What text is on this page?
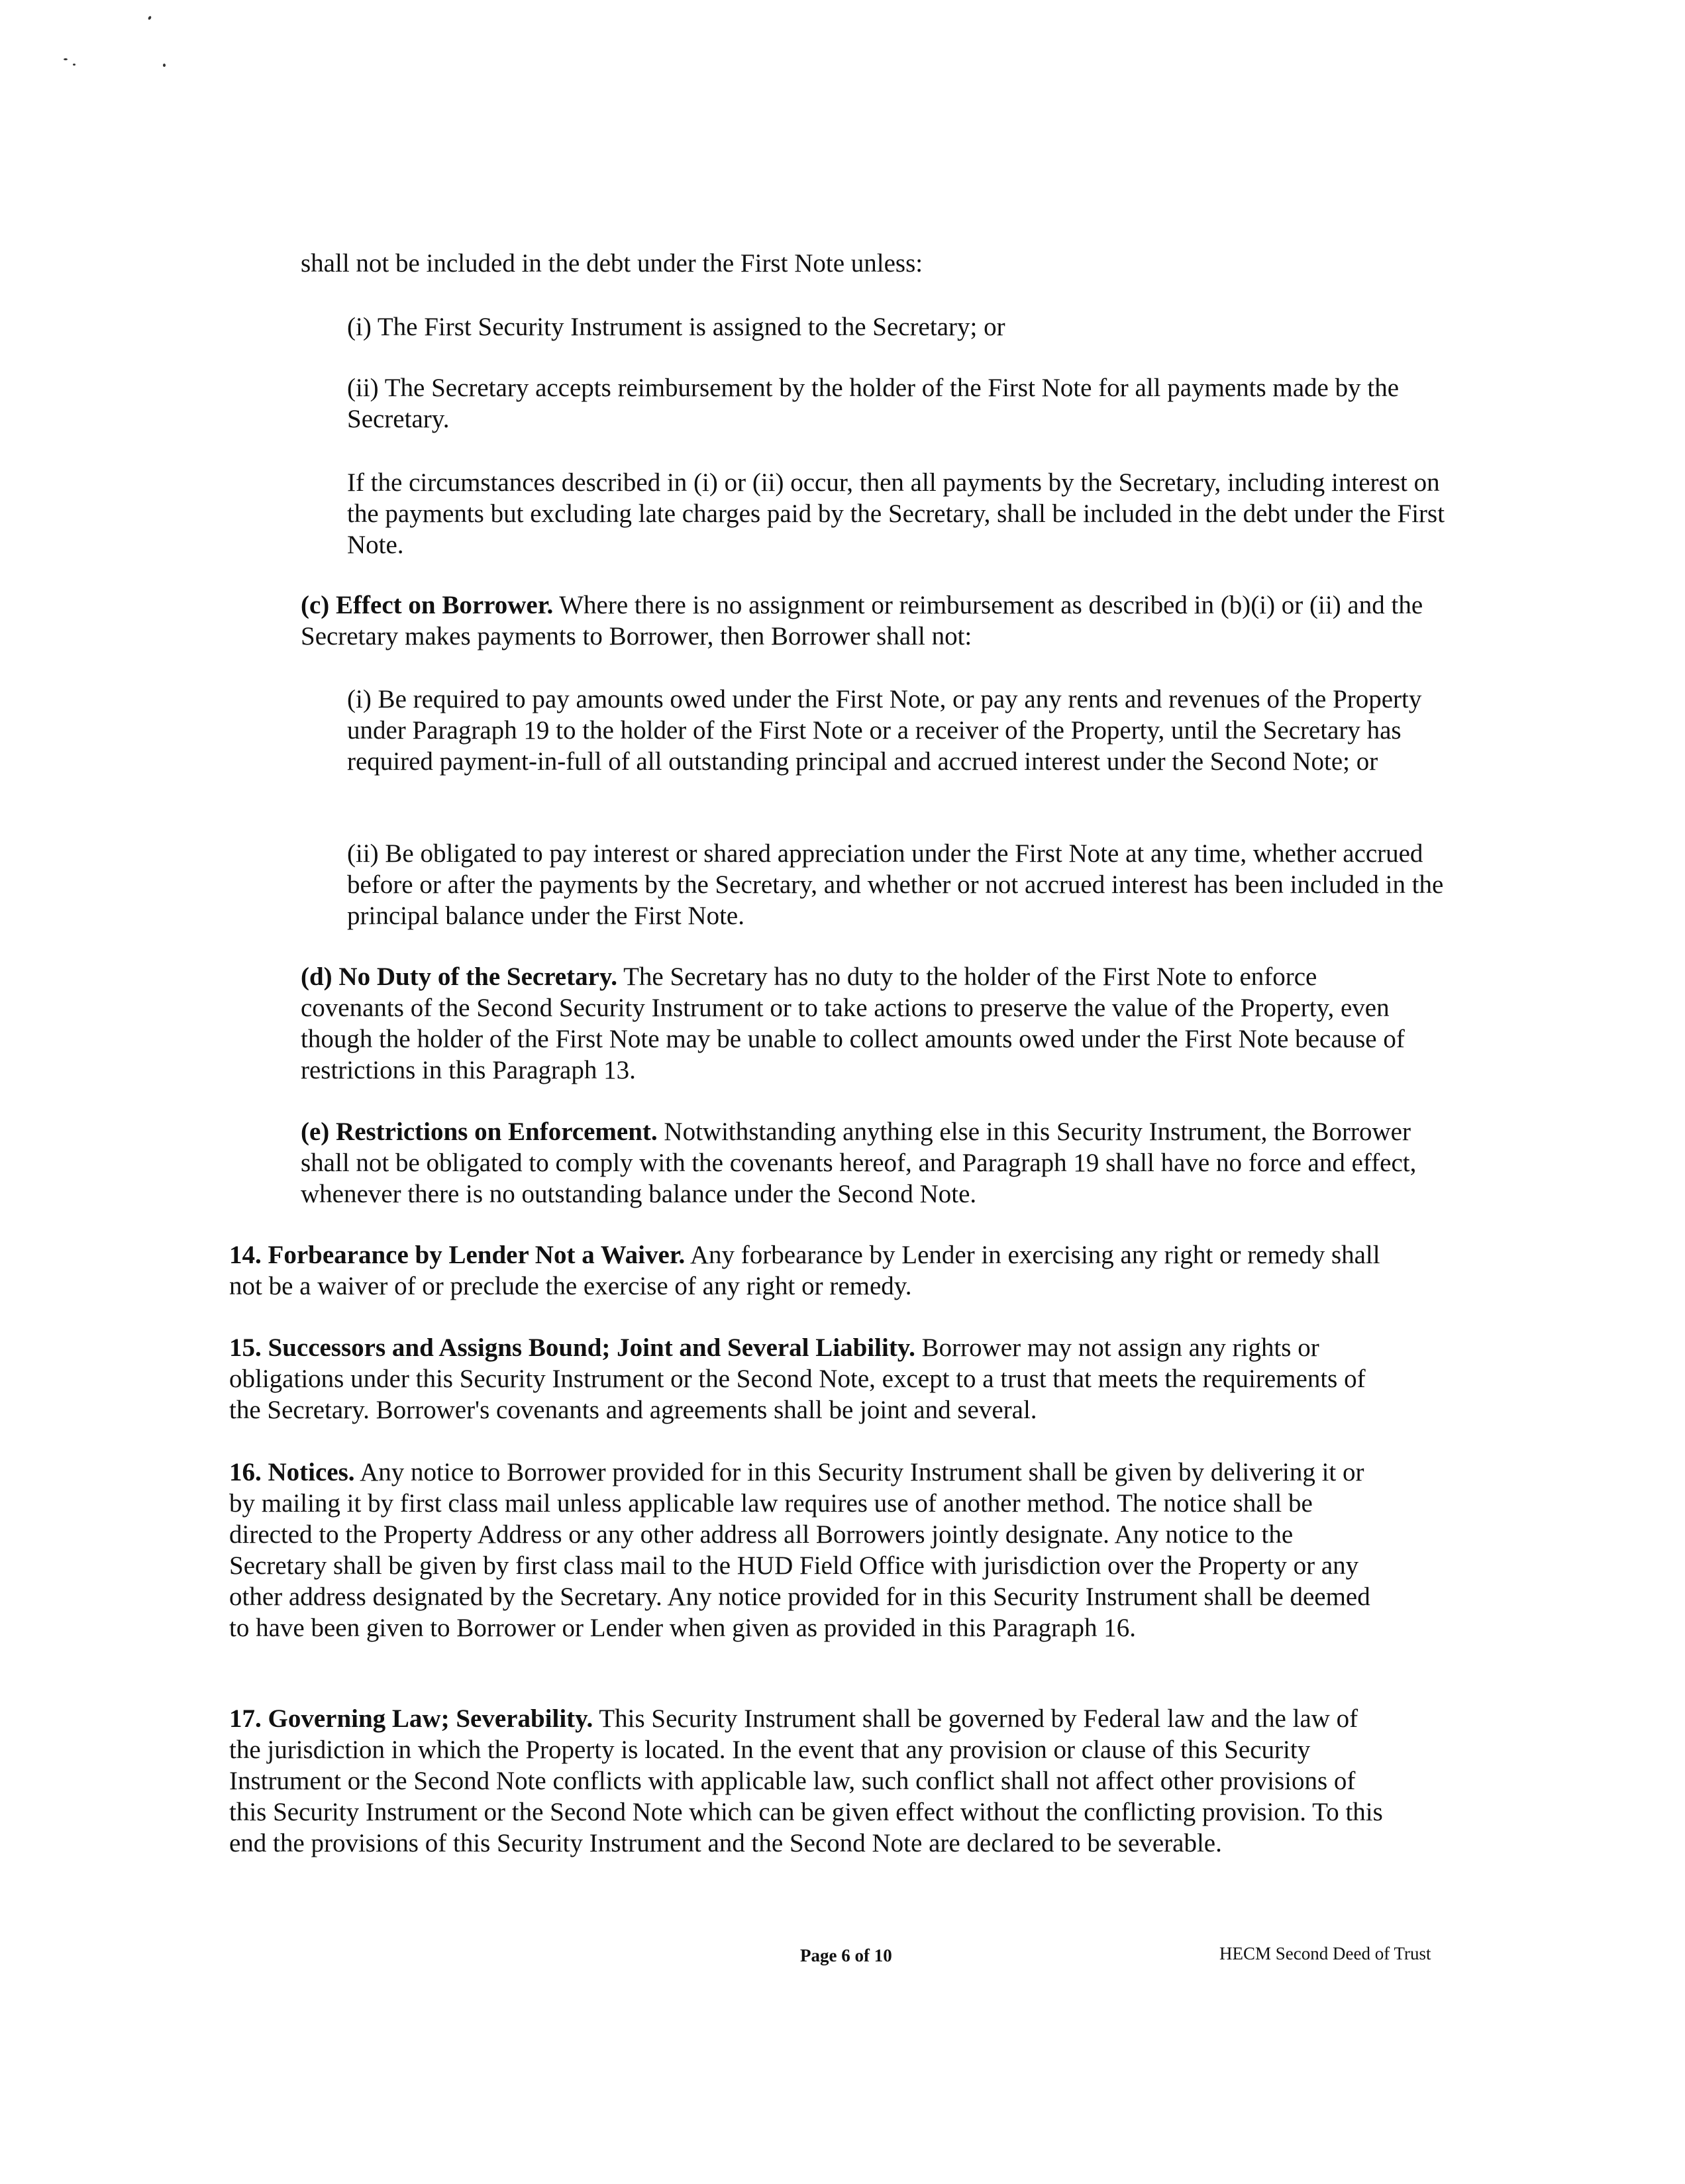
shall not be included in the debt under the First Note unless:

(i) The First Security Instrument is assigned to the Secretary; or

(ii) The Secretary accepts reimbursement by the holder of the First Note for all payments made by the Secretary.

If the circumstances described in (i) or (ii) occur, then all payments by the Secretary, including interest on the payments but excluding late charges paid by the Secretary, shall be included in the debt under the First Note.

(c) Effect on Borrower. Where there is no assignment or reimbursement as described in (b)(i) or (ii) and the Secretary makes payments to Borrower, then Borrower shall not:

(i) Be required to pay amounts owed under the First Note, or pay any rents and revenues of the Property under Paragraph 19 to the holder of the First Note or a receiver of the Property, until the Secretary has required payment-in-full of all outstanding principal and accrued interest under the Second Note; or

(ii) Be obligated to pay interest or shared appreciation under the First Note at any time, whether accrued before or after the payments by the Secretary, and whether or not accrued interest has been included in the principal balance under the First Note.

(d) No Duty of the Secretary. The Secretary has no duty to the holder of the First Note to enforce covenants of the Second Security Instrument or to take actions to preserve the value of the Property, even though the holder of the First Note may be unable to collect amounts owed under the First Note because of restrictions in this Paragraph 13.

(e) Restrictions on Enforcement. Notwithstanding anything else in this Security Instrument, the Borrower shall not be obligated to comply with the covenants hereof, and Paragraph 19 shall have no force and effect, whenever there is no outstanding balance under the Second Note.

14. Forbearance by Lender Not a Waiver. Any forbearance by Lender in exercising any right or remedy shall not be a waiver of or preclude the exercise of any right or remedy.

15. Successors and Assigns Bound; Joint and Several Liability. Borrower may not assign any rights or obligations under this Security Instrument or the Second Note, except to a trust that meets the requirements of the Secretary. Borrower's covenants and agreements shall be joint and several.

16. Notices. Any notice to Borrower provided for in this Security Instrument shall be given by delivering it or by mailing it by first class mail unless applicable law requires use of another method. The notice shall be directed to the Property Address or any other address all Borrowers jointly designate. Any notice to the Secretary shall be given by first class mail to the HUD Field Office with jurisdiction over the Property or any other address designated by the Secretary. Any notice provided for in this Security Instrument shall be deemed to have been given to Borrower or Lender when given as provided in this Paragraph 16.

17. Governing Law; Severability. This Security Instrument shall be governed by Federal law and the law of the jurisdiction in which the Property is located. In the event that any provision or clause of this Security Instrument or the Second Note conflicts with applicable law, such conflict shall not affect other provisions of this Security Instrument or the Second Note which can be given effect without the conflicting provision. To this end the provisions of this Security Instrument and the Second Note are declared to be severable.

Page 6 of 10	HECM Second Deed of Trust
